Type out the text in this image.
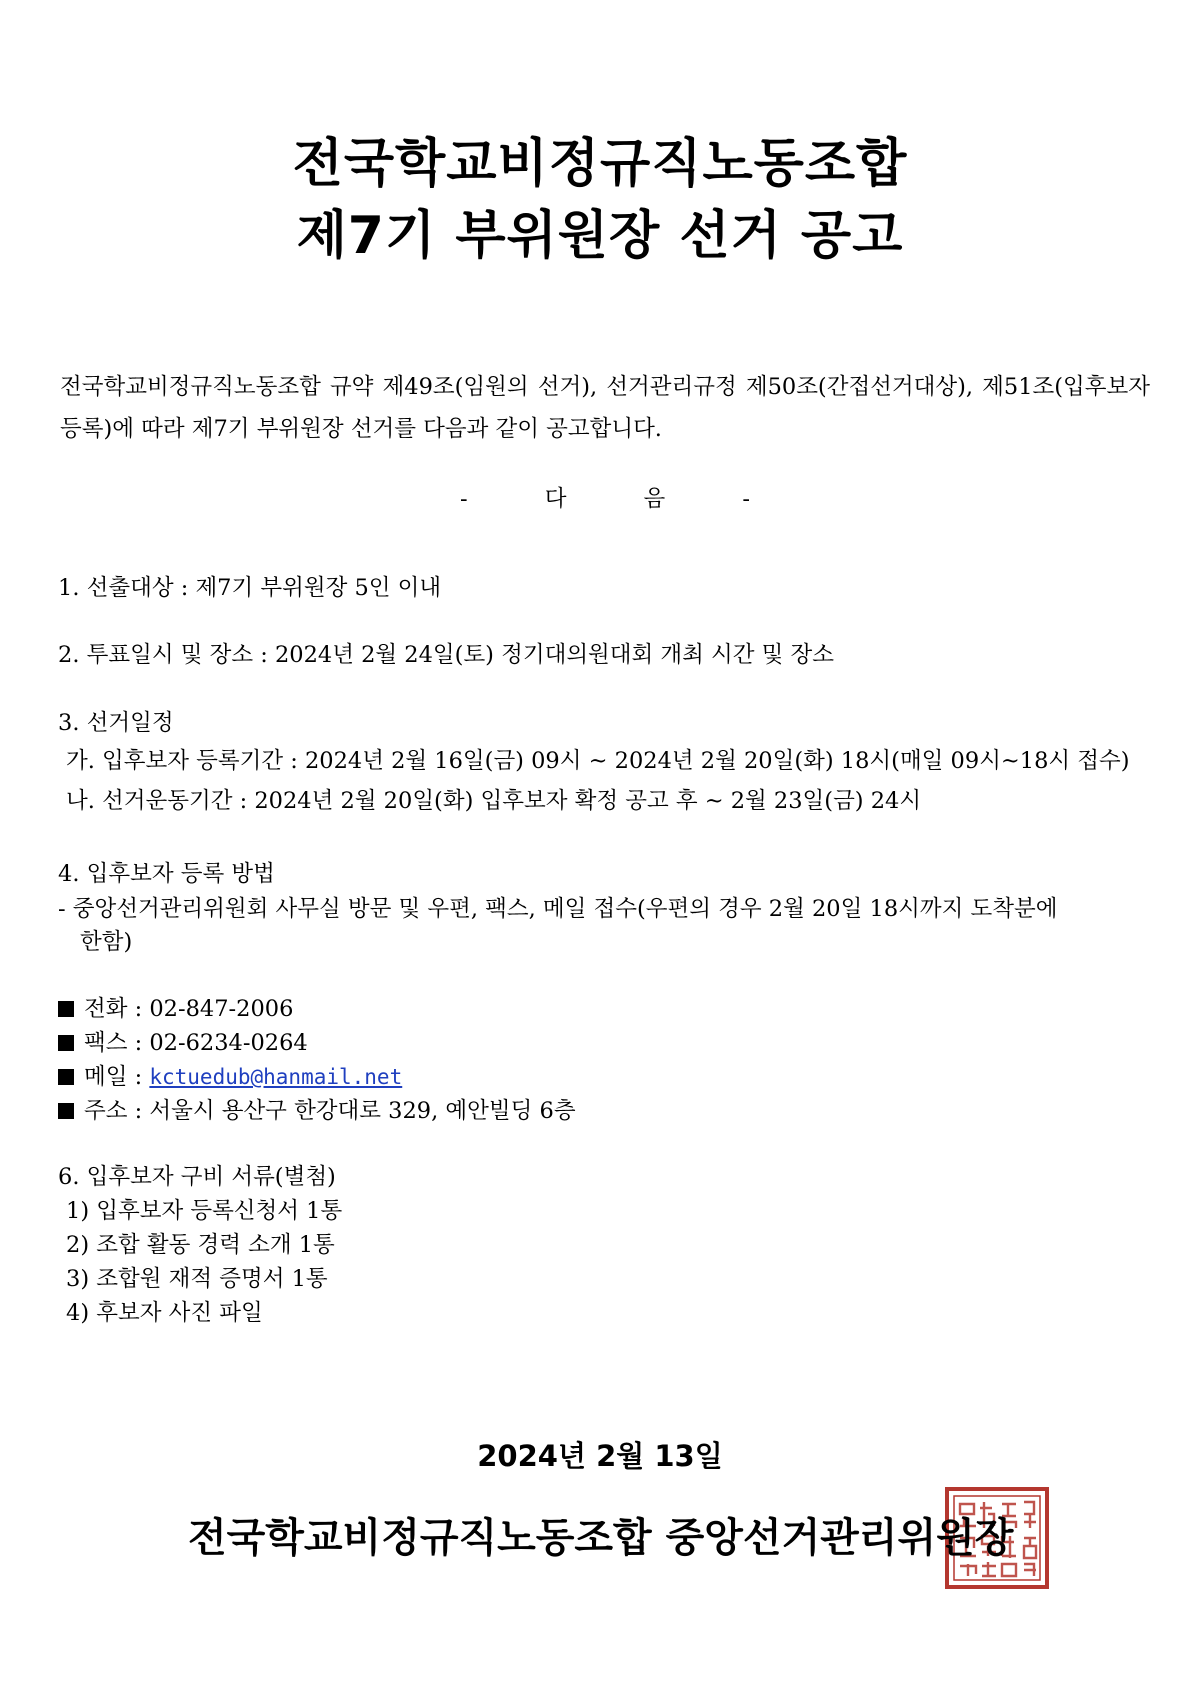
전국학교비정규직노동조합
제7기 부위원장 선거 공고
전국학교비정규직노동조합 규약 제49조(임원의 선거), 선거관리규정 제50조(간접선거대상), 제51조(입후보자 등록)에 따라 제7기 부위원장 선거를 다음과 같이 공고합니다.
-	다	음	-
1. 선출대상 : 제7기 부위원장 5인 이내
2. 투표일시 및 장소 : 2024년 2월 24일(토) 정기대의원대회 개최 시간 및 장소
3. 선거일정
가. 입후보자 등록기간 : 2024년 2월 16일(금) 09시 ~ 2024년 2월 20일(화) 18시(매일 09시~18시 접수)
나. 선거운동기간 : 2024년 2월 20일(화) 입후보자 확정 공고 후 ~ 2월 23일(금) 24시
4. 입후보자 등록 방법
- 중앙선거관리위원회 사무실 방문 및 우편, 팩스, 메일 접수(우편의 경우 2월 20일 18시까지 도착분에
한함)
전화 : 02-847-2006
팩스 : 02-6234-0264
메일 : kctuedub@hanmail.net
주소 : 서울시 용산구 한강대로 329, 예안빌딩 6층
6. 입후보자 구비 서류(별첨)
1) 입후보자 등록신청서 1통
2) 조합 활동 경력 소개 1통
3) 조합원 재적 증명서 1통
4) 후보자 사진 파일
2024년 2월 13일
전국학교비정규직노동조합 중앙선거관리위원장
